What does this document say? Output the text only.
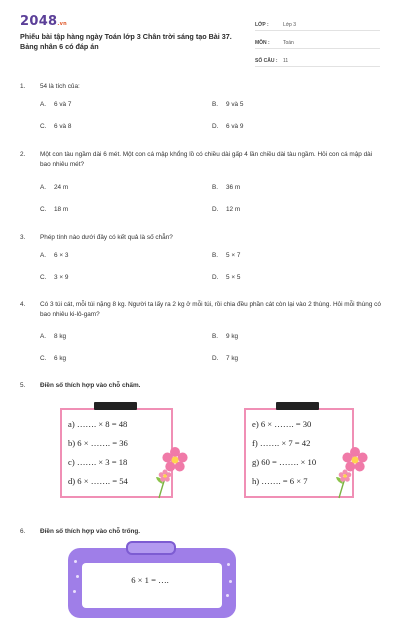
2048.vn
Phiếu bài tập hàng ngày Toán lớp 3 Chân trời sáng tạo Bài 37. Bảng nhân 6 có đáp án
LỚP :	Lớp 3
MÔN :	Toán
SỐ CÂU :	11
1. 54 là tích của:
A. 6 và 7	B. 9 và 5
C. 6 và 8	D. 6 và 9
2. Một con tàu ngầm dài 6 mét. Một con cá mập khổng lồ có chiều dài gấp 4 lần chiều dài tàu ngầm. Hỏi con cá mập dài bao nhiêu mét?
A. 24 m	B. 36 m
C. 18 m	D. 12 m
3. Phép tính nào dưới đây có kết quả là số chẵn?
A. 6 × 3	B. 5 × 7
C. 3 × 9	D. 5 × 5
4. Có 3 túi cát, mỗi túi nặng 8 kg. Người ta lấy ra 2 kg ở mỗi túi, rồi chia đều phần cát còn lại vào 2 thùng. Hỏi mỗi thùng có bao nhiêu ki-lô-gam?
A. 8 kg	B. 9 kg
C. 6 kg	D. 7 kg
5. Điền số thích hợp vào chỗ chấm.
a) ……. × 8 = 48
b) 6 × ……. = 36
c) ……. × 3 = 18
d) 6 × ……. = 54
e) 6 × ……. = 30
f) ……. × 7 = 42
g) 60 = ……. × 10
h) ……. = 6 × 7
6. Điền số thích hợp vào chỗ trống.
6 × 1 = ….
